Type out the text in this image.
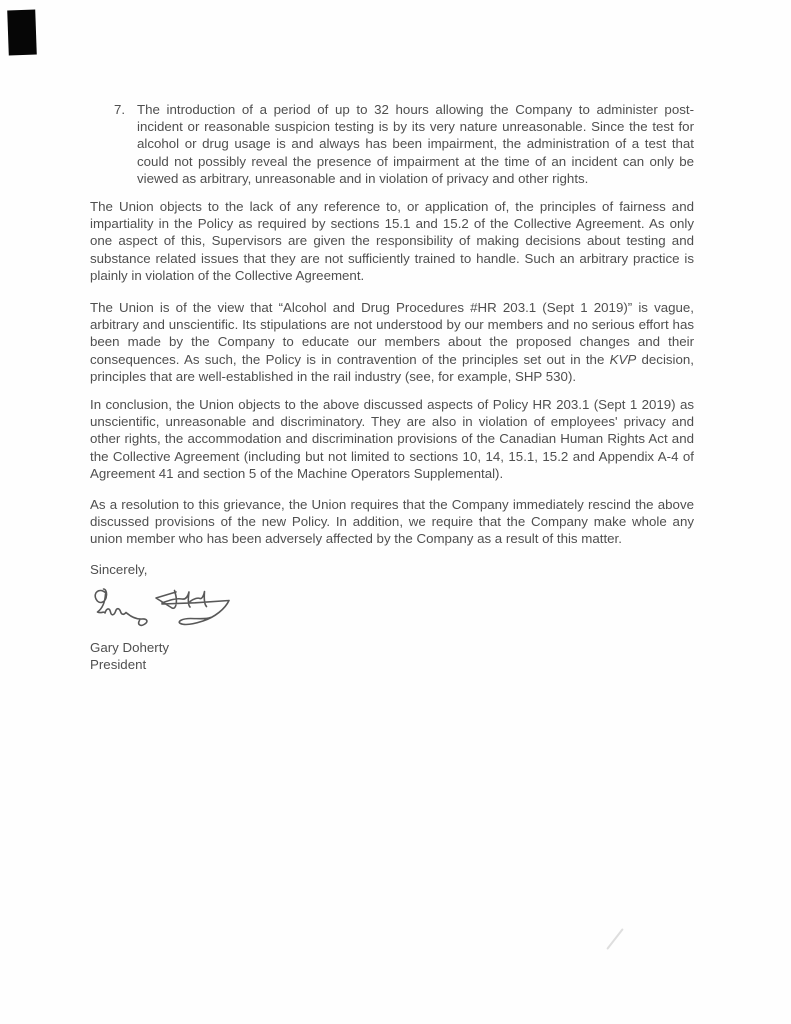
7. The introduction of a period of up to 32 hours allowing the Company to administer post-incident or reasonable suspicion testing is by its very nature unreasonable. Since the test for alcohol or drug usage is and always has been impairment, the administration of a test that could not possibly reveal the presence of impairment at the time of an incident can only be viewed as arbitrary, unreasonable and in violation of privacy and other rights.

The Union objects to the lack of any reference to, or application of, the principles of fairness and impartiality in the Policy as required by sections 15.1 and 15.2 of the Collective Agreement. As only one aspect of this, Supervisors are given the responsibility of making decisions about testing and substance related issues that they are not sufficiently trained to handle. Such an arbitrary practice is plainly in violation of the Collective Agreement.

The Union is of the view that “Alcohol and Drug Procedures #HR 203.1 (Sept 1 2019)” is vague, arbitrary and unscientific. Its stipulations are not understood by our members and no serious effort has been made by the Company to educate our members about the proposed changes and their consequences. As such, the Policy is in contravention of the principles set out in the KVP decision, principles that are well-established in the rail industry (see, for example, SHP 530).

In conclusion, the Union objects to the above discussed aspects of Policy HR 203.1 (Sept 1 2019) as unscientific, unreasonable and discriminatory. They are also in violation of employees' privacy and other rights, the accommodation and discrimination provisions of the Canadian Human Rights Act and the Collective Agreement (including but not limited to sections 10, 14, 15.1, 15.2 and Appendix A-4 of Agreement 41 and section 5 of the Machine Operators Supplemental).

As a resolution to this grievance, the Union requires that the Company immediately rescind the above discussed provisions of the new Policy. In addition, we require that the Company make whole any union member who has been adversely affected by the Company as a result of this matter.

Sincerely,
Gary Doherty
President
